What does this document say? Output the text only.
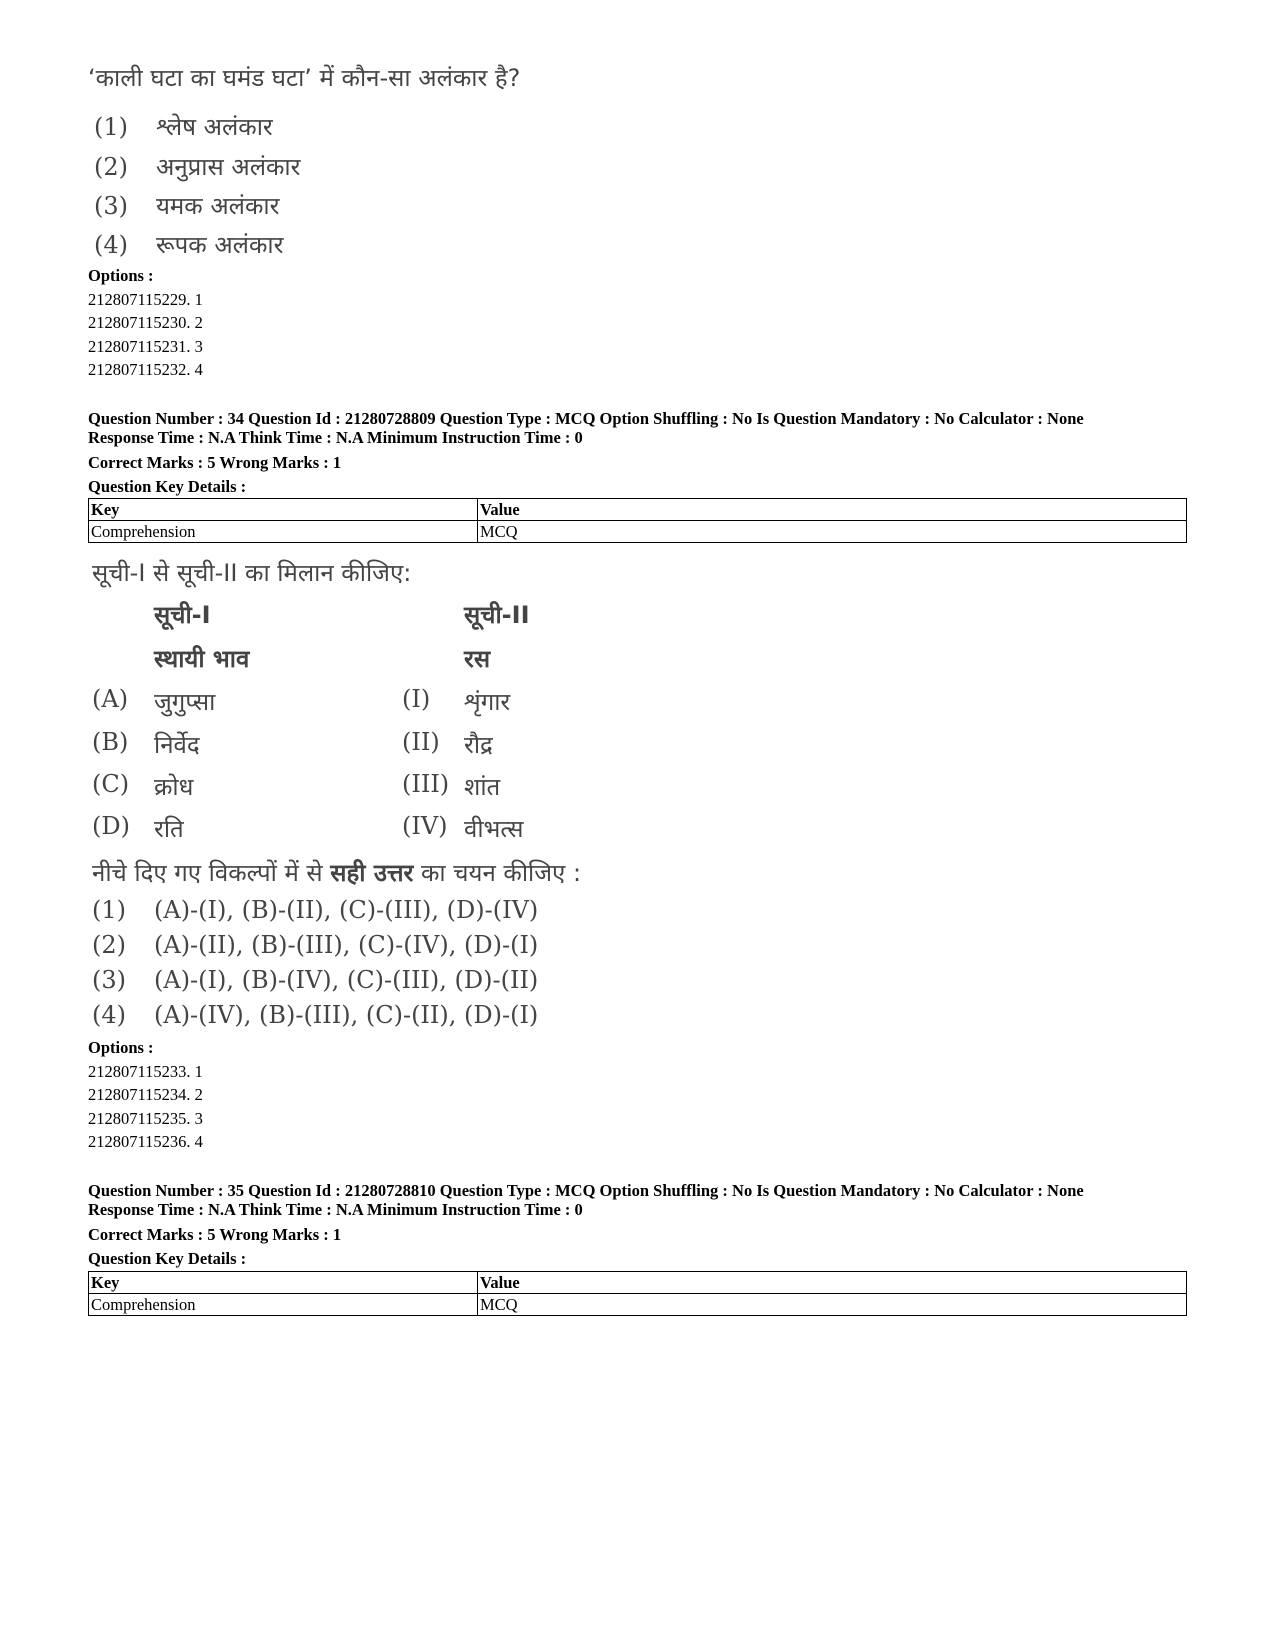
‘काली घटा का घमंड घटा’ में कौन-सा अलंकार है?
(1)	श्लेष अलंकार
(2)	अनुप्रास अलंकार
(3)	यमक अलंकार
(4)	रूपक अलंकार
Options :
212807115229. 1
212807115230. 2
212807115231. 3
212807115232. 4
Question Number : 34 Question Id : 21280728809 Question Type : MCQ Option Shuffling : No Is Question Mandatory : No Calculator : None
Response Time : N.A Think Time : N.A Minimum Instruction Time : 0
Correct Marks : 5 Wrong Marks : 1
Question Key Details :
Key	Value
Comprehension	MCQ
सूची-I से सूची-II का मिलान कीजिए:
सूची-I	सूची-II
स्थायी भाव	रस
(A) जुगुप्सा	(I) शृंगार
(B) निर्वेद	(II) रौद्र
(C) क्रोध	(III) शांत
(D) रति	(IV) वीभत्स
नीचे दिए गए विकल्पों में से सही उत्तर का चयन कीजिए :
(1) (A)-(I), (B)-(II), (C)-(III), (D)-(IV)
(2) (A)-(II), (B)-(III), (C)-(IV), (D)-(I)
(3) (A)-(I), (B)-(IV), (C)-(III), (D)-(II)
(4) (A)-(IV), (B)-(III), (C)-(II), (D)-(I)
Options :
212807115233. 1
212807115234. 2
212807115235. 3
212807115236. 4
Question Number : 35 Question Id : 21280728810 Question Type : MCQ Option Shuffling : No Is Question Mandatory : No Calculator : None
Response Time : N.A Think Time : N.A Minimum Instruction Time : 0
Correct Marks : 5 Wrong Marks : 1
Question Key Details :
Key	Value
Comprehension	MCQ
